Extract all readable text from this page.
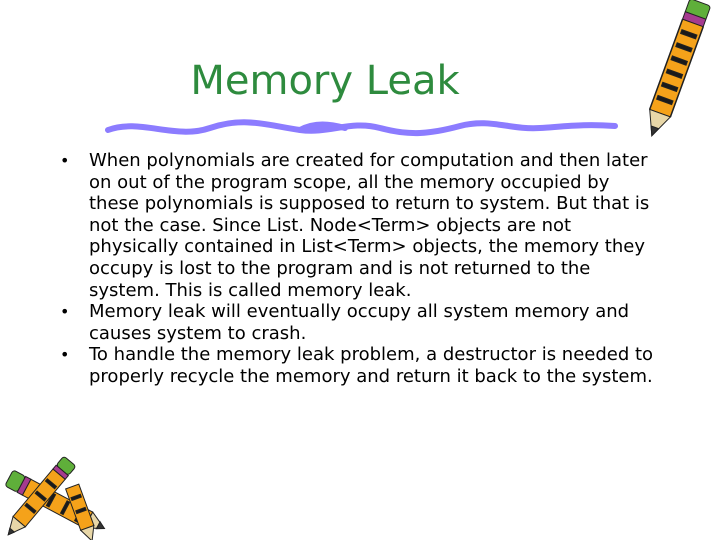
Memory Leak
• When polynomials are created for computation and then later on out of the program scope, all the memory occupied by these polynomials is supposed to return to system. But that is not the case. Since List. Node<Term> objects are not physically contained in List<Term> objects, the memory they occupy is lost to the program and is not returned to the system. This is called memory leak.
• Memory leak will eventually occupy all system memory and causes system to crash.
• To handle the memory leak problem, a destructor is needed to properly recycle the memory and return it back to the system.
